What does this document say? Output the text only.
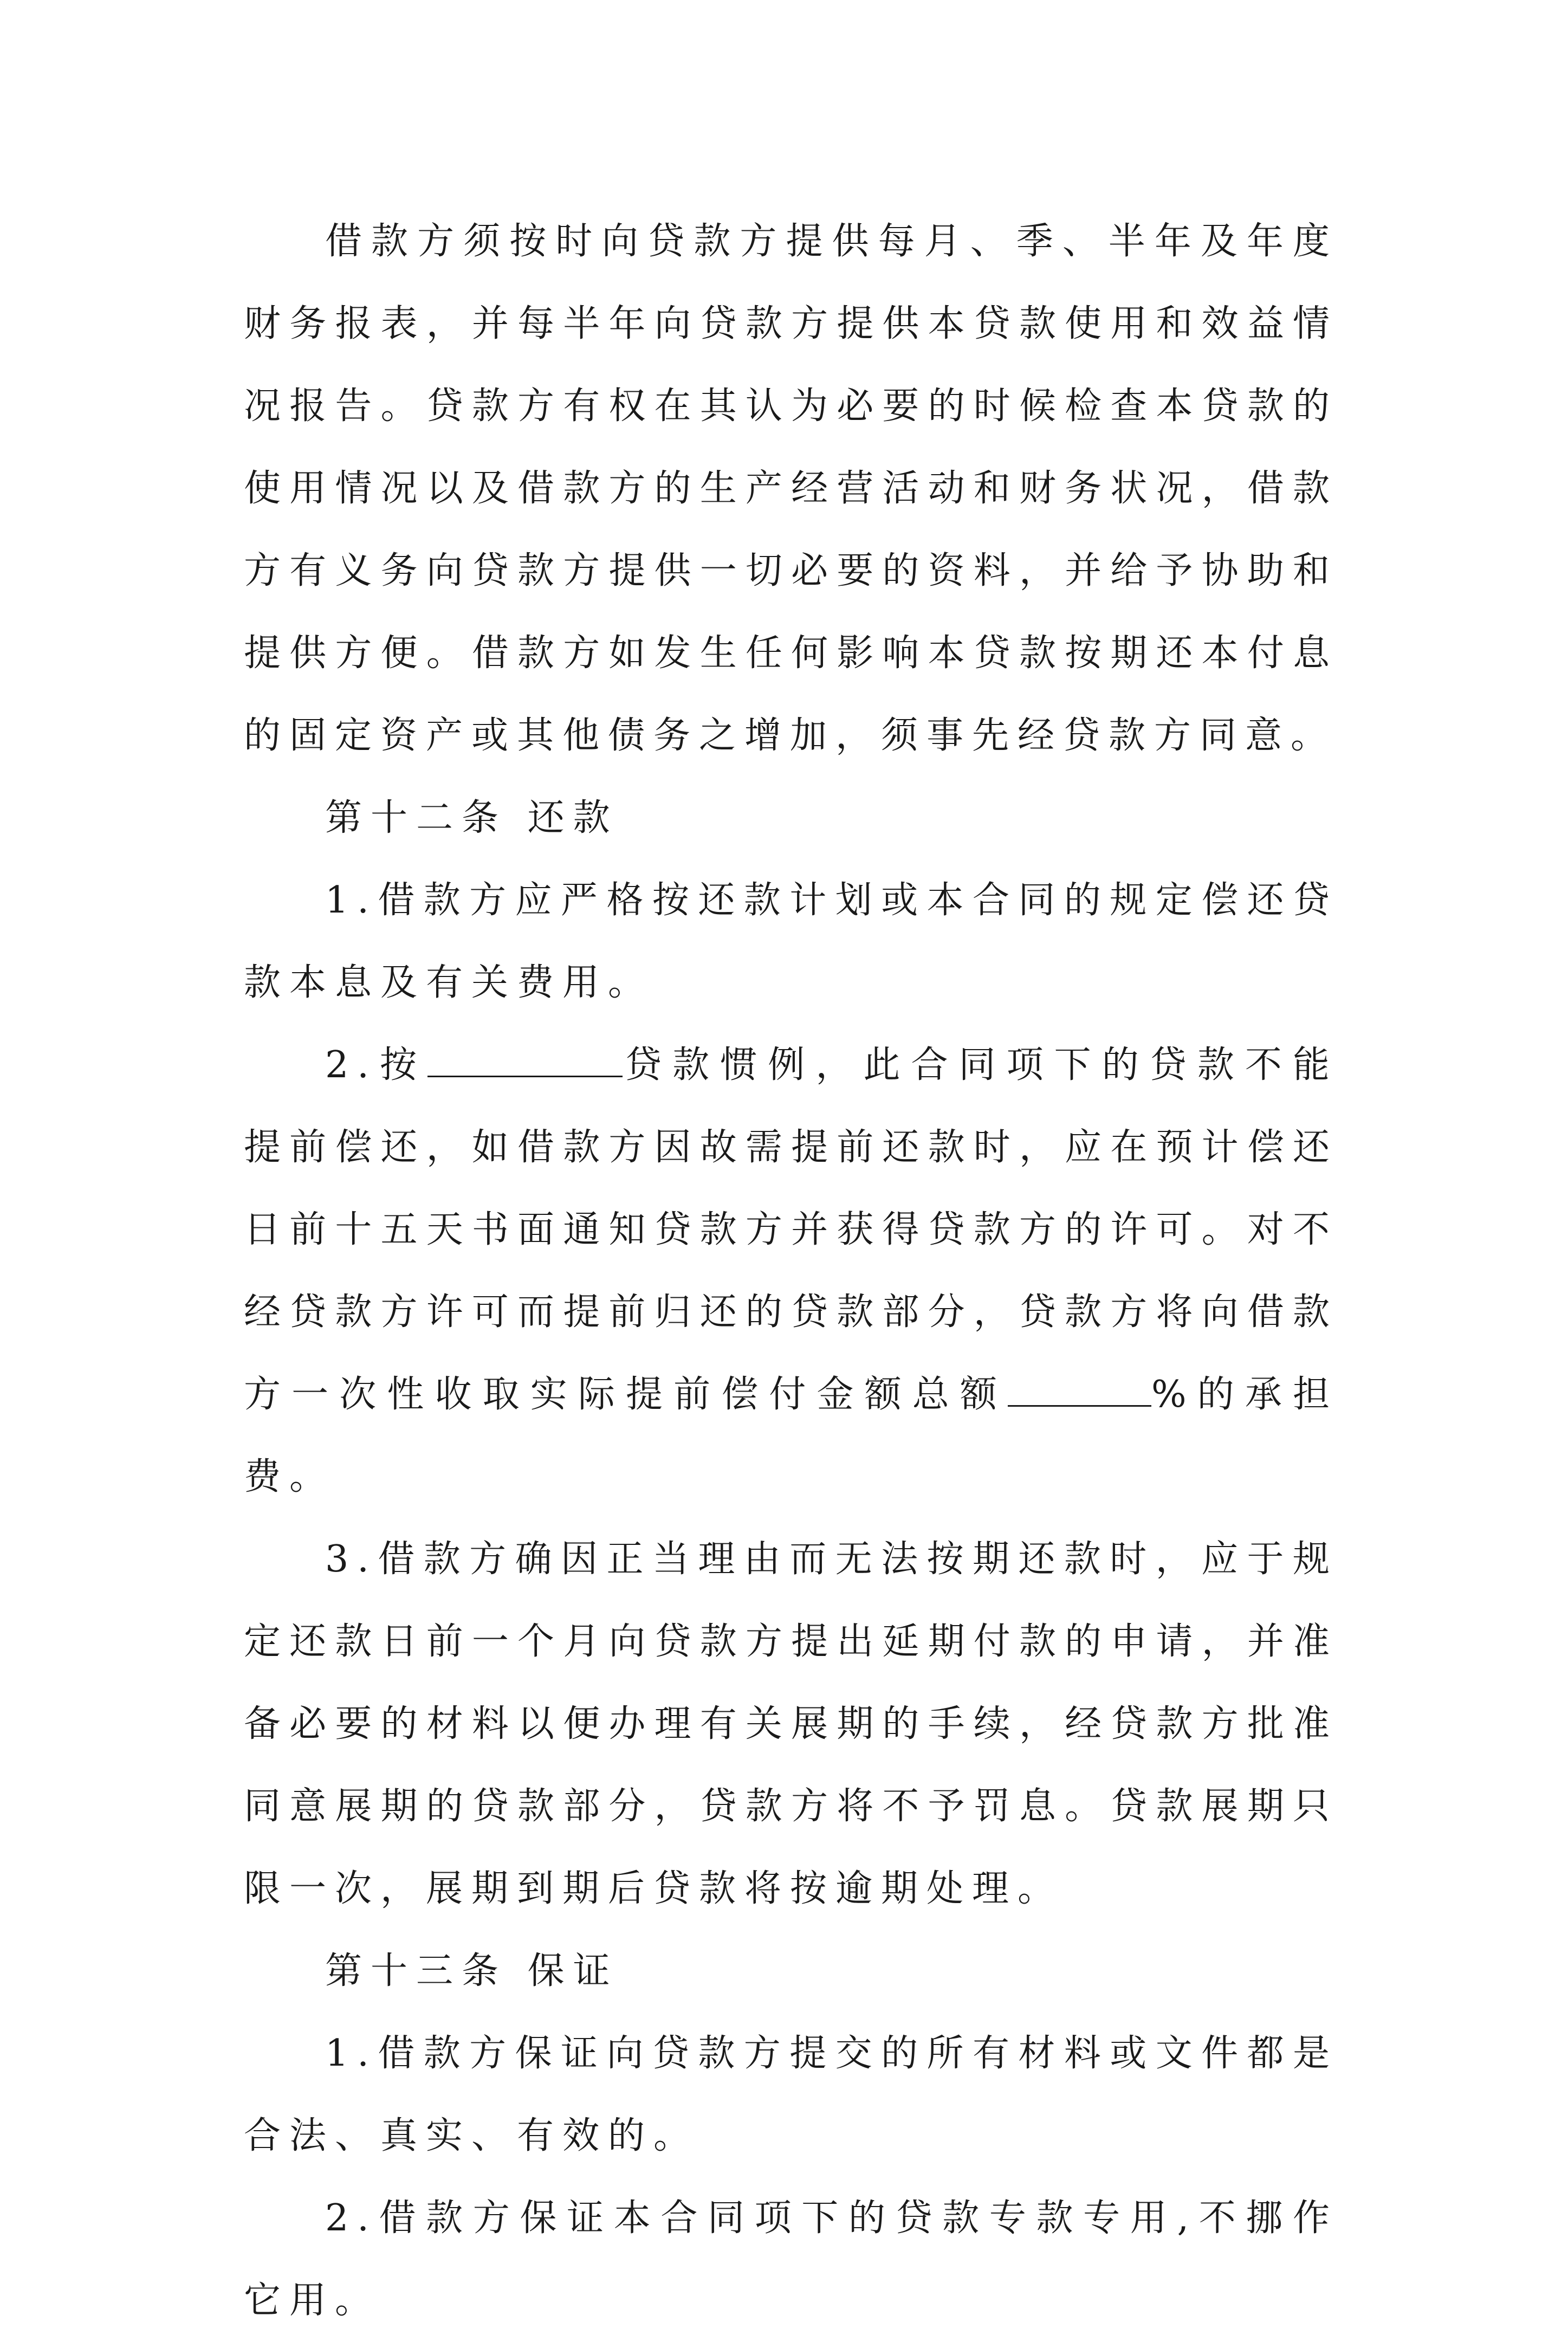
借款方须按时向贷款方提供每月、季、半年及年度财务报表，并每半年向贷款方提供本贷款使用和效益情况报告。贷款方有权在其认为必要的时候检查本贷款的使用情况以及借款方的生产经营活动和财务状况，借款方有义务向贷款方提供一切必要的资料，并给予协助和提供方便。借款方如发生任何影响本贷款按期还本付息的固定资产或其他债务之增加，须事先经贷款方同意。

第十二条 还款

1.借款方应严格按还款计划或本合同的规定偿还贷款本息及有关费用。

2.按	贷款惯例，此合同项下的贷款不能提前偿还，如借款方因故需提前还款时，应在预计偿还日前十五天书面通知贷款方并获得贷款方的许可。对不经贷款方许可而提前归还的贷款部分，贷款方将向借款方一次性收取实际提前偿付金额总额	%的承担费。

3.借款方确因正当理由而无法按期还款时，应于规定还款日前一个月向贷款方提出延期付款的申请，并准备必要的材料以便办理有关展期的手续，经贷款方批准同意展期的贷款部分，贷款方将不予罚息。贷款展期只限一次，展期到期后贷款将按逾期处理。

第十三条 保证

1.借款方保证向贷款方提交的所有材料或文件都是合法、真实、有效的。

2.借款方保证本合同项下的贷款专款专用,不挪作它用。
